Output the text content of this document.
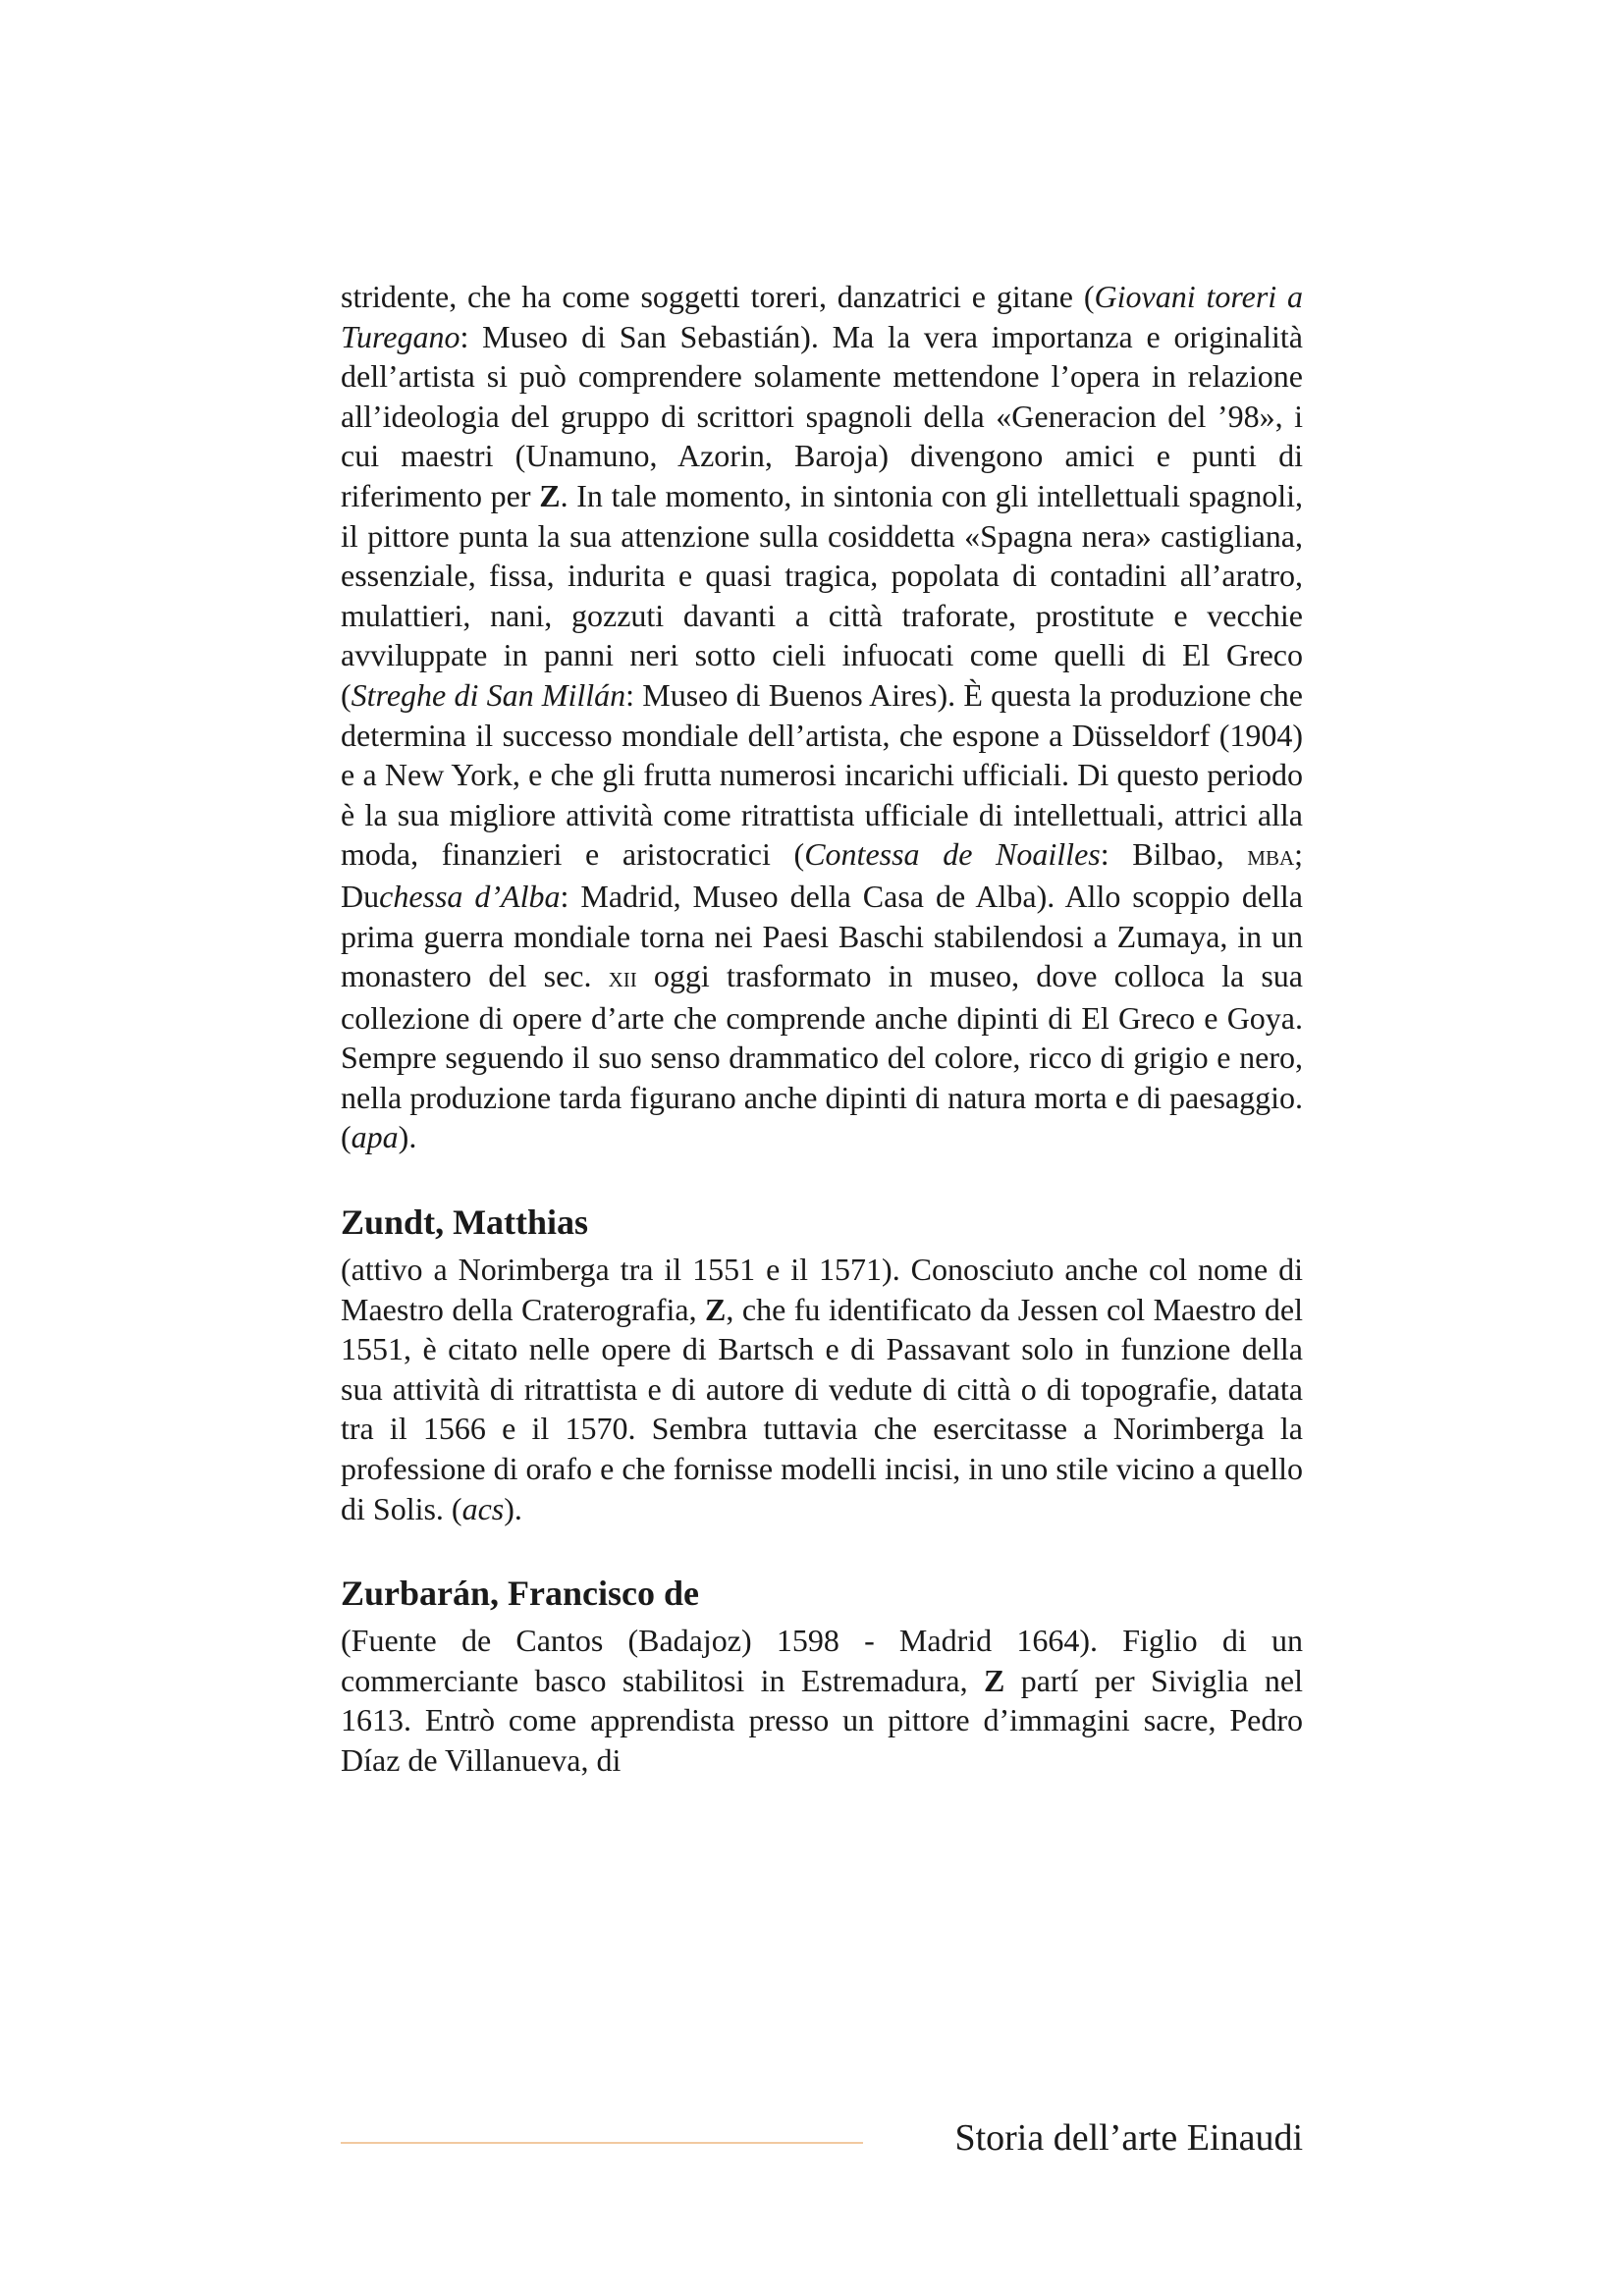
stridente, che ha come soggetti toreri, danzatrici e gitane (Giovani toreri a Turegano: Museo di San Sebastián). Ma la vera importanza e originalità dell’artista si può comprendere solamente mettendone l’opera in relazione all’ideologia del gruppo di scrittori spagnoli della «Generacion del ’98», i cui maestri (Unamuno, Azorin, Baroja) divengono amici e punti di riferimento per Z. In tale momento, in sintonia con gli intellettuali spagnoli, il pittore punta la sua attenzione sulla cosiddetta «Spagna nera» castigliana, essenziale, fissa, indurita e quasi tragica, popolata di contadini all’aratro, mulattieri, nani, gozzuti davanti a città traforate, prostitute e vecchie avviluppate in panni neri sotto cieli infuocati come quelli di El Greco (Streghe di San Millán: Museo di Buenos Aires). È questa la produzione che determina il successo mondiale dell’artista, che espone a Düsseldorf (1904) e a New York, e che gli frutta numerosi incarichi ufficiali. Di questo periodo è la sua migliore attività come ritrattista ufficiale di intellettuali, attrici alla moda, finanzieri e aristocratici (Contessa de Noailles: Bilbao, mba; Duchessa d’Alba: Madrid, Museo della Casa de Alba). Allo scoppio della prima guerra mondiale torna nei Paesi Baschi stabilendosi a Zumaya, in un monastero del sec. xii oggi trasformato in museo, dove colloca la sua collezione di opere d’arte che comprende anche dipinti di El Greco e Goya. Sempre seguendo il suo senso drammatico del colore, ricco di grigio e nero, nella produzione tarda figurano anche dipinti di natura morta e di paesaggio. (apa).

Zundt, Matthias

(attivo a Norimberga tra il 1551 e il 1571). Conosciuto anche col nome di Maestro della Craterografia, Z, che fu identificato da Jessen col Maestro del 1551, è citato nelle opere di Bartsch e di Passavant solo in funzione della sua attività di ritrattista e di autore di vedute di città o di topografie, datata tra il 1566 e il 1570. Sembra tuttavia che esercitasse a Norimberga la professione di orafo e che fornisse modelli incisi, in uno stile vicino a quello di Solis. (acs).

Zurbarán, Francisco de

(Fuente de Cantos (Badajoz) 1598 - Madrid 1664). Figlio di un commerciante basco stabilitosi in Estremadura, Z partí per Siviglia nel 1613. Entrò come apprendista presso un pittore d’immagini sacre, Pedro Díaz de Villanueva, di

Storia dell’arte Einaudi
